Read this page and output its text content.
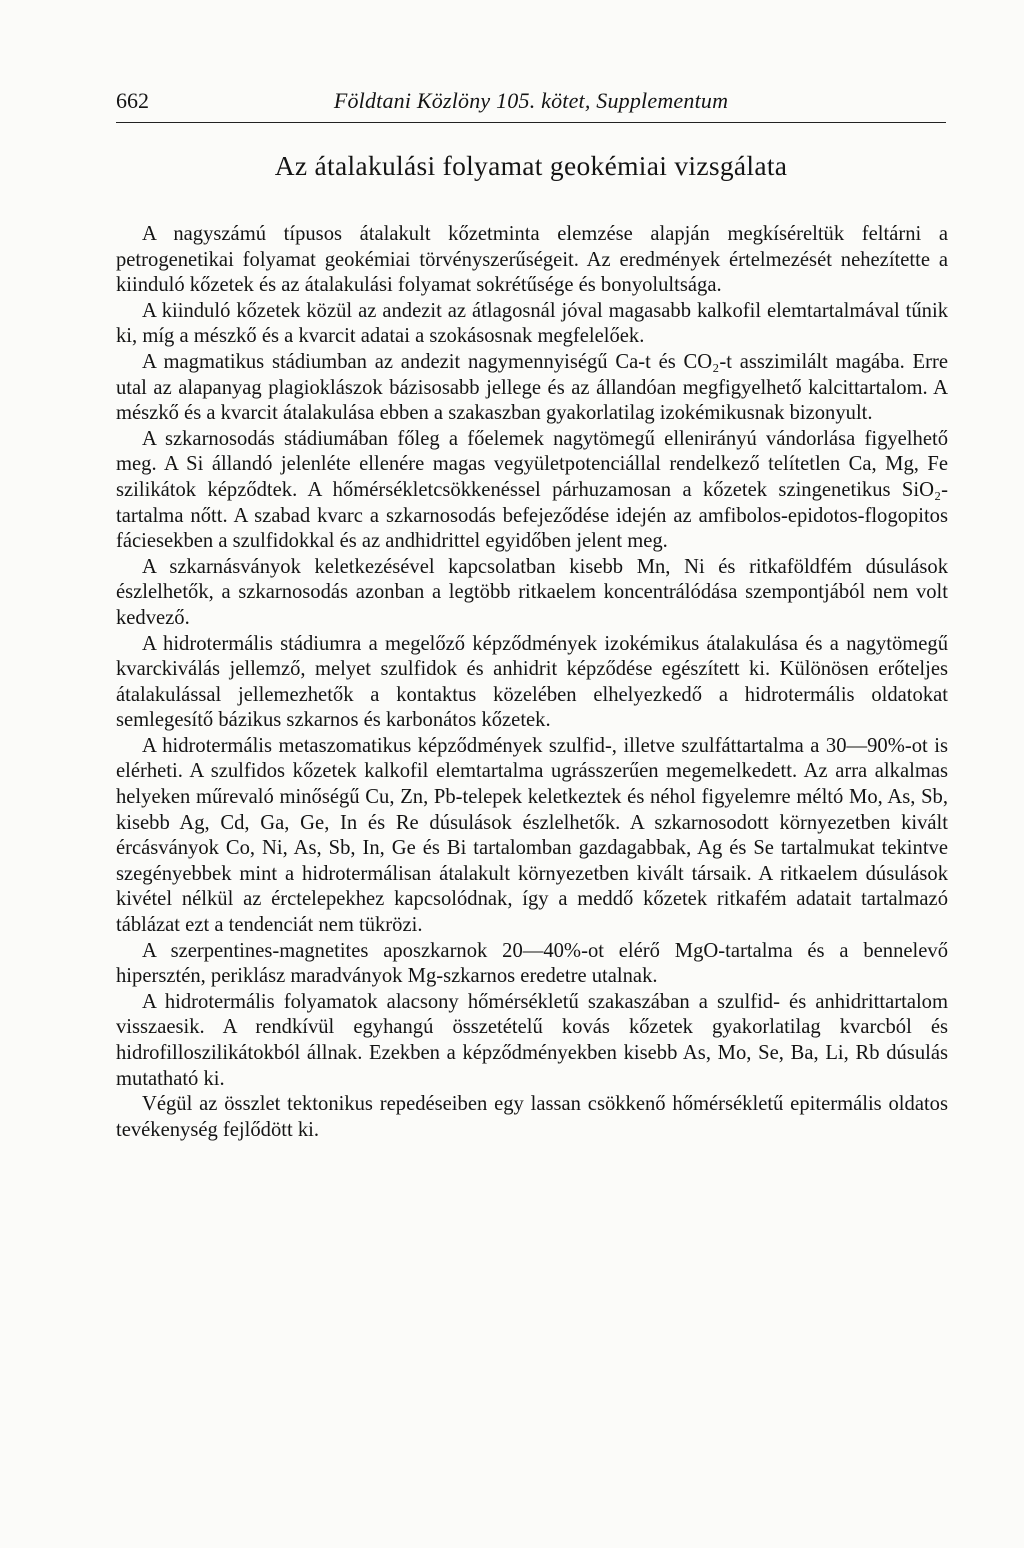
662	Földtani Közlöny 105. kötet, Supplementum
Az átalakulási folyamat geokémiai vizsgálata

A nagyszámú típusos átalakult kőzetminta elemzése alapján megkíséreltük feltárni a petrogenetikai folyamat geokémiai törvényszerűségeit. Az eredmények értelmezését nehezítette a kiinduló kőzetek és az átalakulási folyamat sokrétűsége és bonyolultsága.

A kiinduló kőzetek közül az andezit az átlagosnál jóval magasabb kalkofil elemtartalmával tűnik ki, míg a mészkő és a kvarcit adatai a szokásosnak megfelelőek.

A magmatikus stádiumban az andezit nagymennyiségű Ca-t és CO₂-t asszimilált magába. Erre utal az alapanyag plagioklászok bázisosabb jellege és az állandóan megfigyelhető kalcittartalom. A mészkő és a kvarcit átalakulása ebben a szakaszban gyakorlatilag izokémikusnak bizonyult.

A szkarnosodás stádiumában főleg a főelemek nagytömegű ellenirányú vándorlása figyelhető meg. A Si állandó jelenléte ellenére magas vegyületpotenciállal rendelkező telítetlen Ca, Mg, Fe szilikátok képződtek. A hőmérsékletcsökkenéssel párhuzamosan a kőzetek szingenetikus SiO₂-tartalma nőtt. A szabad kvarc a szkarnosodás befejeződése idején az amfibolos-epidotos-flogopitos fáciesekben a szulfidokkal és az andhidrittel egyidőben jelent meg.

A szkarnásványok keletkezésével kapcsolatban kisebb Mn, Ni és ritkaföldfém dúsulások észlelhetők, a szkarnosodás azonban a legtöbb ritkaelem koncentrálódása szempontjából nem volt kedvező.

A hidrotermális stádiumra a megelőző képződmények izokémikus átalakulása és a nagytömegű kvarckiválás jellemző, melyet szulfidok és anhidrit képződése egészített ki. Különösen erőteljes átalakulással jellemezhetők a kontaktus közelében elhelyezkedő a hidrotermális oldatokat semlegesítő bázikus szkarnos és karbonátos kőzetek.

A hidrotermális metaszomatikus képződmények szulfid-, illetve szulfáttartalma a 30—90%-ot is elérheti. A szulfidos kőzetek kalkofil elemtartalma ugrásszerűen megemelkedett. Az arra alkalmas helyeken műrevaló minőségű Cu, Zn, Pb-telepek keletkeztek és néhol figyelemre méltó Mo, As, Sb, kisebb Ag, Cd, Ga, Ge, In és Re dúsulások észlelhetők. A szkarnosodott környezetben kivált ércásványok Co, Ni, As, Sb, In, Ge és Bi tartalomban gazdagabbak, Ag és Se tartalmukat tekintve szegényebbek mint a hidrotermálisan átalakult környezetben kivált társaik. A ritkaelem dúsulások kivétel nélkül az érctelepekhez kapcsolódnak, így a meddő kőzetek ritkafém adatait tartalmazó táblázat ezt a tendenciát nem tükrözi.

A szerpentines-magnetites aposzkarnok 20—40%-ot elérő MgO-tartalma és a bennelevő hipersztén, periklász maradványok Mg-szkarnos eredetre utalnak.

A hidrotermális folyamatok alacsony hőmérsékletű szakaszában a szulfid- és anhidrittartalom visszaesik. A rendkívül egyhangú összetételű kovás kőzetek gyakorlatilag kvarcból és hidrofilloszilikátokból állnak. Ezekben a képződményekben kisebb As, Mo, Se, Ba, Li, Rb dúsulás mutatható ki.

Végül az összlet tektonikus repedéseiben egy lassan csökkenő hőmérsékletű epitermális oldatos tevékenység fejlődött ki.
